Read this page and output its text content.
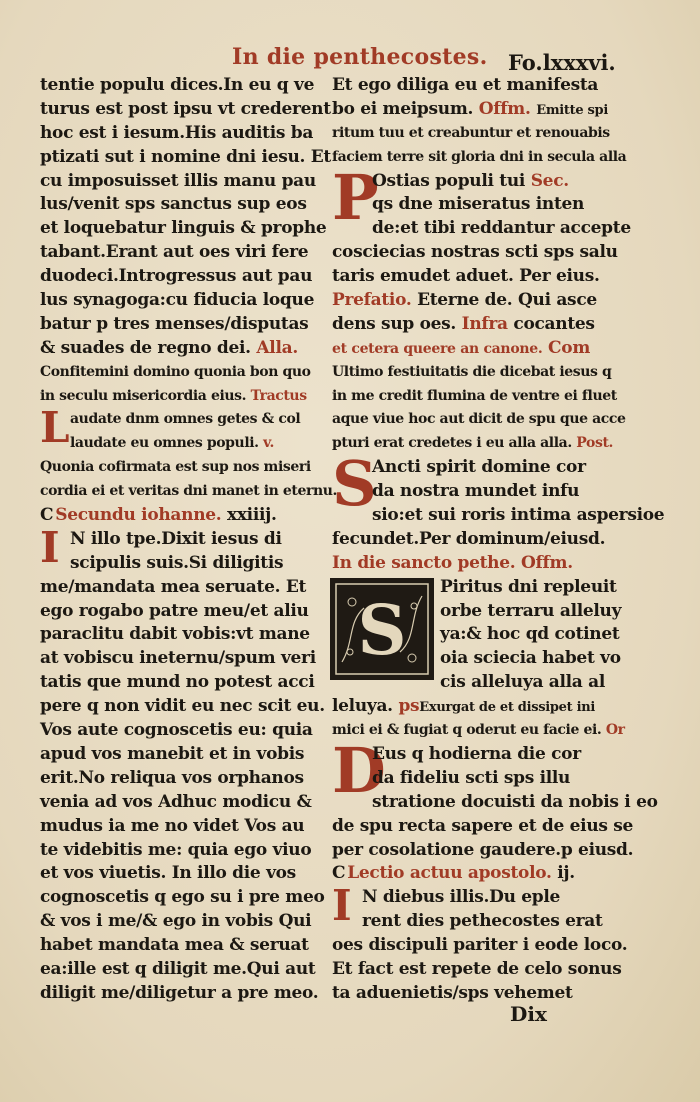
In die penthecostes. Fo.lxxxvi.
tentie populu dices.In eu q ve
turus est post ipsu vt crederent
hoc est i iesum.His auditis ba
ptizati sut i nomine dni iesu. Et
cu imposuisset illis manu pau
lus/venit sps sanctus sup eos
et loquebatur linguis & prophe
tabant.Erant aut oes viri fere
duodeci.Introgressus aut pau
lus synagoga:cu fiducia loque
batur p tres menses/disputas
& suades de regno dei. Alla.
Confitemini domino quonia bon quo
in seculu misericordia eius. Tractus
L audate dnm omnes getes & col
laudate eu omnes populi. v.
Quonia cofirmata est sup nos miseri
cordia ei et veritas dni manet in eternu.
C Secundu iohanne. xxiiij.
I N illo tpe.Dixit iesus di
scipulis suis.Si diligitis
me/mandata mea seruate. Et
ego rogabo patre meu/et aliu
paraclitu dabit vobis:vt mane
at vobiscu ineternu/spum veri
tatis que mund no potest acci
pere q non vidit eu nec scit eu.
Vos aute cognoscetis eu: quia
apud vos manebit et in vobis
erit.No reliqua vos orphanos
venia ad vos Adhuc modicu &
mudus ia me no videt Vos au
te videbitis me: quia ego viuo
et vos viuetis. In illo die vos
cognoscetis q ego su i pre meo
& vos i me/& ego in vobis Qui
habet mandata mea & seruat
ea:ille est q diligit me.Qui aut
diligit me/diligetur a pre meo.
Et ego diliga eu et manifesta
bo ei meipsum. Offm. Emitte spi
ritum tuu et creabuntur et renouabis
faciem terre sit gloria dni in secula alla
P
Ostias populi tui Sec.
qs dne miseratus inten
de:et tibi reddantur accepte
cosciecias nostras scti sps salu
taris emudet aduet. Per eius.
Prefatio. Eterne de. Qui asce
dens sup oes. Infra cocantes
et cetera queere an canone. Com
Ultimo festiuitatis die dicebat iesus q
in me credit flumina de ventre ei fluet
aque viue hoc aut dicit de spu que acce
pturi erat credetes i eu alla alla. Post.
S
Ancti spirit domine cor
da nostra mundet infu
sio:et sui roris intima aspersioe
fecundet.Per dominum/eiusd.
In die sancto pethe. Offm.
S
Piritus dni repleuit
orbe terraru alleluy
ya:& hoc qd cotinet
oia sciecia habet vo
cis alleluya alla al
leluya. psExurgat de et dissipet ini
mici ei & fugiat q oderut eu facie ei. Or
D
Eus q hodierna die cor
da fideliu scti sps illu
stratione docuisti da nobis i eo
de spu recta sapere et de eius se
per cosolatione gaudere.p eiusd.
C Lectio actuu apostolo. ij.
I N diebus illis.Du eple
rent dies pethecostes erat
oes discipuli pariter i eode loco.
Et fact est repete de celo sonus
ta aduenietis/sps vehemet
Dix
